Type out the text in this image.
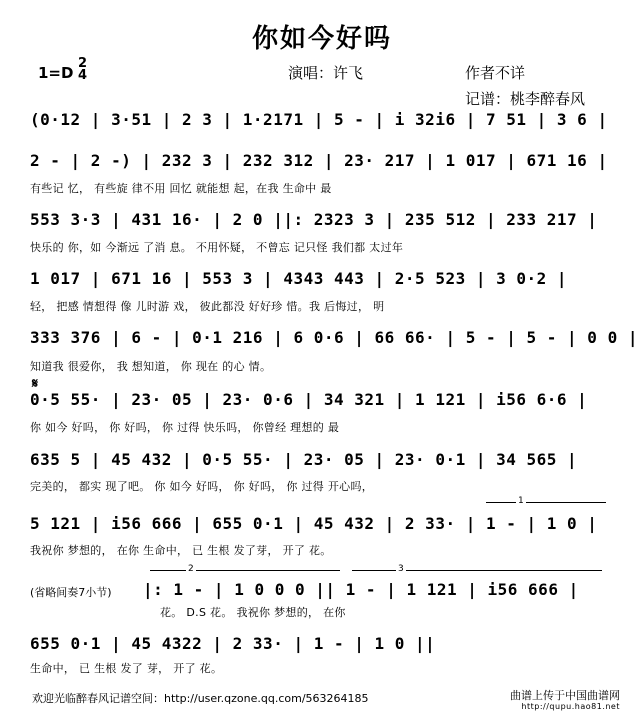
你如今好吗
1=D
2
4	演唱：许飞	作者不详
记谱：桃李醉春风
(0·12 | 3·51 | 2 3 | 1·2171 | 5 - | i 32i6 | 7 51 | 3 6 |
2 - | 2 -) | 232 3 | 232 312 | 23· 217 | 1 017 | 671 16 |
有些记 忆， 有些旋 律不用 回忆 就能想 起，在我 生命中 最
553 3·3 | 431 16· | 2 0 ||: 2323 3 | 235 512 | 233 217 |
快乐的 你，如 今渐远 了消 息。 不用怀疑， 不曾忘 记只怪 我们都 太过年
1 017 | 671 16 | 553 3 | 4343 443 | 2·5 523 | 3 0·2 |
轻， 把感 情想得 像 儿时游 戏， 彼此都没 好好珍 惜。我 后悔过， 明
333 376 | 6 - | 0·1 216 | 6 0·6 | 66 66· | 5 - | 5 - | 0 0 |
知道我 很爱你， 我 想知道， 你 现在 的心 情。
𝄋
0·5 55· | 23· 05 | 23· 0·6 | 34 321 | 1 121 | i56 6·6 |
你 如今 好吗， 你 好吗， 你 过得 快乐吗， 你曾经 理想的 最
635 5 | 45 432 | 0·5 55· | 23· 05 | 23· 0·1 | 34 565 |
完美的， 都实 现了吧。 你 如今 好吗， 你 好吗， 你 过得 开心吗，
1
5 121 | i56 666 | 655 0·1 | 45 432 | 2 33· | 1 - | 1 0 |
我祝你 梦想的， 在你 生命中， 已 生根 发了芽， 开了 花。
(省略间奏7小节)
2	3
|: 1 - | 1 0 0 0 || 1 - | 1 121 | i56 666 |
花。 D.S 花。 我祝你 梦想的， 在你
655 0·1 | 45 4322 | 2 33· | 1 - | 1 0 ||
生命中， 已 生根 发了 芽， 开了 花。
欢迎光临醉春风记谱空间：http://user.qzone.qq.com/563264185	曲谱上传于中国曲谱网
http://qupu.hao81.net
